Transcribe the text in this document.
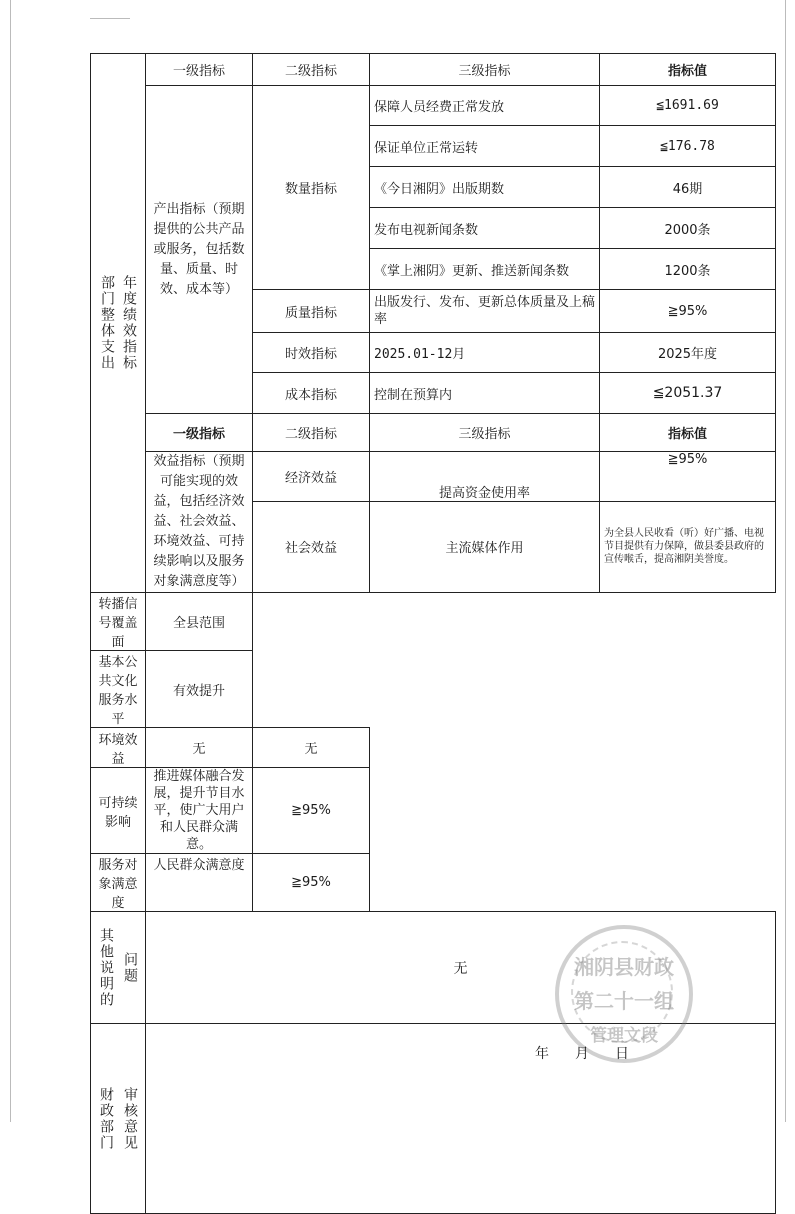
部门整体支出 年度绩效指标	一级指标	二级指标	三级指标	指标值
	产出指标（预期提供的公共产品或服务，包括数量、质量、时效、成本等）	数量指标	保障人员经费正常发放	≦1691.69
			保证单位正常运转	≦176.78
			《今日湘阴》出版期数	46期
			发布电视新闻条数	2000条
			《掌上湘阴》更新、推送新闻条数	1200条
		质量指标	出版发行、发布、更新总体质量及上稿率	≧95%
		时效指标	2025.01-12月	2025年度
		成本指标	控制在预算内	≦2051.37
	一级指标	二级指标	三级指标	指标值
	效益指标（预期可能实现的效益，包括经济效益、社会效益、环境效益、可持续影响以及服务对象满意度等）	经济效益	提高资金使用率	≧95%
		社会效益	主流媒体作用	为全县人民收看（听）好广播、电视节目提供有力保障，做县委县政府的宣传喉舌，提高湘阴美誉度。
转播信号覆盖面	全县范围			
基本公共文化服务水平	有效提升			
环境效益	无	无		
可持续影响	推进媒体融合发展，提升节目水平，使广大用户和人民群众满意。	≧95%		
服务对象满意度	人民群众满意度	≧95%		

其他说明的 问题	无			

财政部门 审核意见				

湘阴县财政
第二十一组
管理文段
年 月 日
